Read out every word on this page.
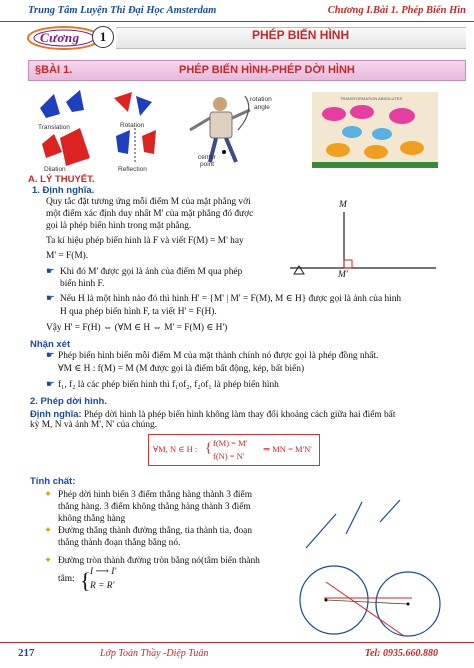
Trung Tâm Luyện Thi Đại Học Amsterdam	Chương I.Bài 1. Phép Biến Hìn
Cương	1	PHÉP BIẾN HÌNH
§BÀI 1.	PHÉP BIẾN HÌNH-PHÉP DỜI HÌNH
Translation	Rotation
Dilation	Reflection
rotation
angle
center
point
TRANSFORMATION ABSOLUTES
A. LÝ THUYẾT.
1. Định nghĩa.
Quy tắc đặt tương ứng mỗi điểm M của mặt phẳng với
một điểm xác định duy nhất M' của mặt phẳng đó được
gọi là phép biến hình trong mặt phẳng.
Ta kí hiệu phép biến hình là F và viết F(M) = M' hay
M' = F(M).
☛ Khi đó M' được gọi là ảnh của điểm M qua phép
biến hình F.
☛ Nếu H là một hình nào đó thì hình H' = {M' | M' = F(M), M ∈ H} được gọi là ảnh của hình
H qua phép biến hình F, ta viết H' = F(H).
Vậy H' = F(H) ⇔ (∀M ∈ H ⇔ M' = F(M) ∈ H')
M
M'
Nhận xét
☛ Phép biến hình biến mỗi điểm M của mặt thành chính nó được gọi là phép đồng nhất.
∀M ∈ H : f(M) = M (M được gọi là điểm bất động, kép, bất biến)
☛ f₁, f₂ là các phép biến hình thì f₁of₂, f₂of₁ là phép biến hình
2. Phép dời hình.
Định nghĩa: Phép dời hình là phép biến hình không làm thay đổi khoảng cách giữa hai điểm bất
kỳ M, N và ảnh M', N' của chúng.
∀M, N ∈ H : { f(M) = M'
f(N) = N'
⇒ MN = M'N'
Tính chất:
✦ Phép dời hình biến 3 điểm thẳng hàng thành 3 điểm
thẳng hàng. 3 điểm không thẳng hàng thành 3 điểm
không thẳng hàng
✦ Đường thẳng thành đường thẳng, tia thành tia, đoạn
thẳng thành đoạn thẳng bằng nó.
✦ Đường tròn thành đường tròn bằng nó(tâm biến thành
tâm: { I ⟶ I'
R = R'
217	Lớp Toán Thầy -Diệp Tuân	Tel: 0935.660.880
